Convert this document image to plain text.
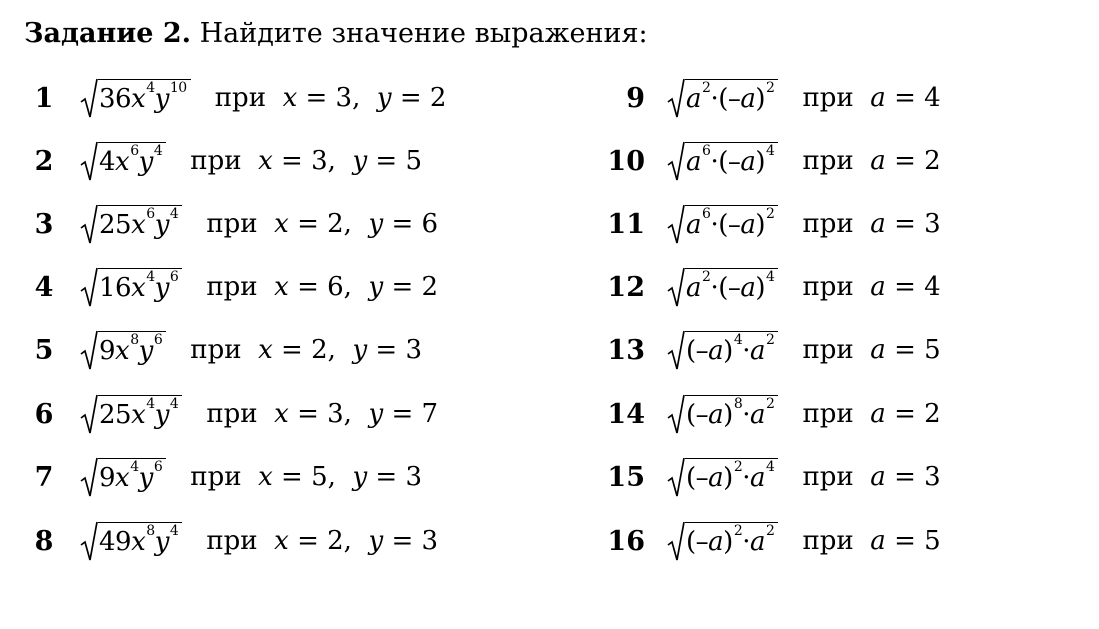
Задание 2. Найдите значение выражения:
1	36 $x^4$ $y^{10}$ при  x = 3,  y = 2
2	4 $x^6$ $y^4$ при  x = 3,  y = 5
3	25 $x^6$ $y^4$ при  x = 2,  y = 6
4	16 $x^4$ $y^6$ при  x = 6,  y = 2
5	9 $x^8$ $y^6$ при  x = 2,  y = 3
6	25 $x^4$ $y^4$ при  x = 3,  y = 7
7	9 $x^4$ $y^6$ при  x = 5,  y = 3
8	49 $x^8$ $y^4$ при  x = 2,  y = 3
9 $a^2$ · (– a )$^2$ при  a = 4
10 $a^6$ · (– a )$^4$ при  a = 2
11 $a^6$ · (– a )$^2$ при  a = 3
12 $a^2$ · (– a )$^4$ при  a = 4
13 (– a )$^4 \cdot a^2$ при  a = 5
14 (– a )$^8 \cdot a^2$ при  a = 2
15 (– a )$^2 \cdot a^4$ при  a = 3
16 (– a )$^2 \cdot a^2$ при  a = 5
